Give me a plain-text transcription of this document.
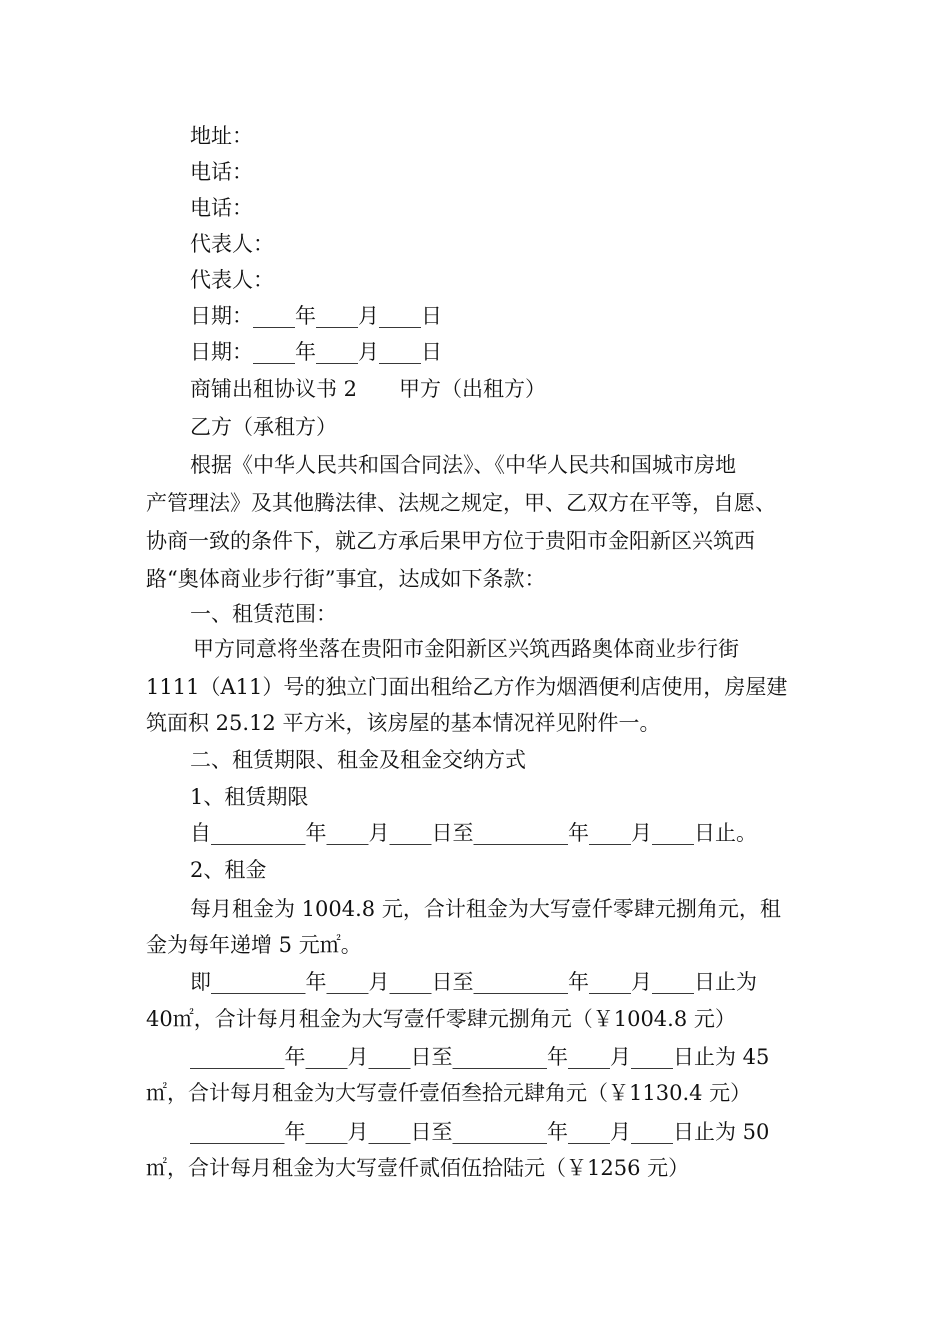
地址：
电话：
电话：
代表人：
代表人：
日期：____年____月____日
日期：____年____月____日
商铺出租协议书 2　　甲方（出租方）
乙方（承租方）
根据《中华人民共和国合同法》、《中华人民共和国城市房地
产管理法》及其他腾法律、法规之规定，甲、乙双方在平等，自愿、
协商一致的条件下，就乙方承后果甲方位于贵阳市金阳新区兴筑西
路“奥体商业步行街”事宜，达成如下条款：
一、租赁范围：
甲方同意将坐落在贵阳市金阳新区兴筑西路奥体商业步行街
1111（A11）号的独立门面出租给乙方作为烟酒便利店使用，房屋建
筑面积 25.12 平方米，该房屋的基本情况祥见附件一。
二、租赁期限、租金及租金交纳方式
1、租赁期限
自_________年____月____日至_________年____月____日止。
2、租金
每月租金为 1004.8 元，合计租金为大写壹仟零肆元捌角元，租
金为每年递增 5 元㎡。
即_________年____月____日至_________年____月____日止为
40㎡，合计每月租金为大写壹仟零肆元捌角元（￥1004.8 元）
_________年____月____日至_________年____月____日止为 45
㎡，合计每月租金为大写壹仟壹佰叁拾元肆角元（￥1130.4 元）
_________年____月____日至_________年____月____日止为 50
㎡，合计每月租金为大写壹仟贰佰伍拾陆元（￥1256 元）
